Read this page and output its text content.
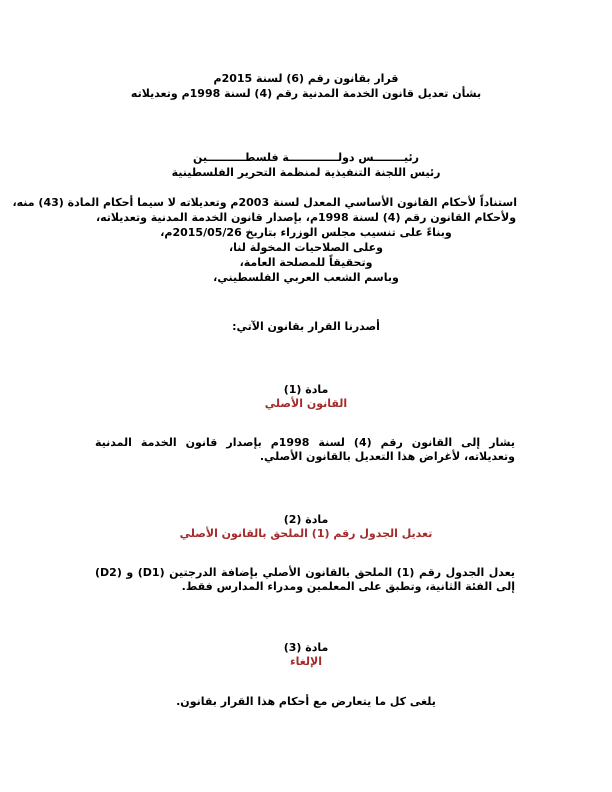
قرار بقانون رقم (6) لسنة 2015م
بشأن تعديل قانون الخدمة المدنية رقم (4) لسنة 1998م وتعديلاته
رئيــــــــس دولـــــــــــــة فلسطــــــــــين
رئيس اللجنة التنفيذية لمنظمة التحرير الفلسطينية
استناداً لأحكام القانون الأساسي المعدل لسنة 2003م وتعديلاته لا سيما أحكام المادة (43) منه،
ولأحكام القانون رقم (4) لسنة 1998م، بإصدار قانون الخدمة المدنية وتعديلاته،
وبناءً على تنسيب مجلس الوزراء بتاريخ 2015/05/26م،
وعلى الصلاحيات المخولة لنا،
وتحقيقاً للمصلحة العامة،
وباسم الشعب العربي الفلسطيني،
أصدرنا القرار بقانون الآتي:
مادة (1)
القانون الأصلي
يشار إلى القانون رقم (4) لسنة 1998م بإصدار قانون الخدمة المدنية وتعديلاته، لأغراض هذا التعديل بالقانون الأصلي.
مادة (2)
تعديل الجدول رقم (1) الملحق بالقانون الأصلي
يعدل الجدول رقم (1) الملحق بالقانون الأصلي بإضافة الدرجتين (D1) و (D2) إلى الفئة الثانية، وتطبق على المعلمين ومدراء المدارس فقط.
مادة (3)
الإلغاء
يلغى كل ما يتعارض مع أحكام هذا القرار بقانون.
